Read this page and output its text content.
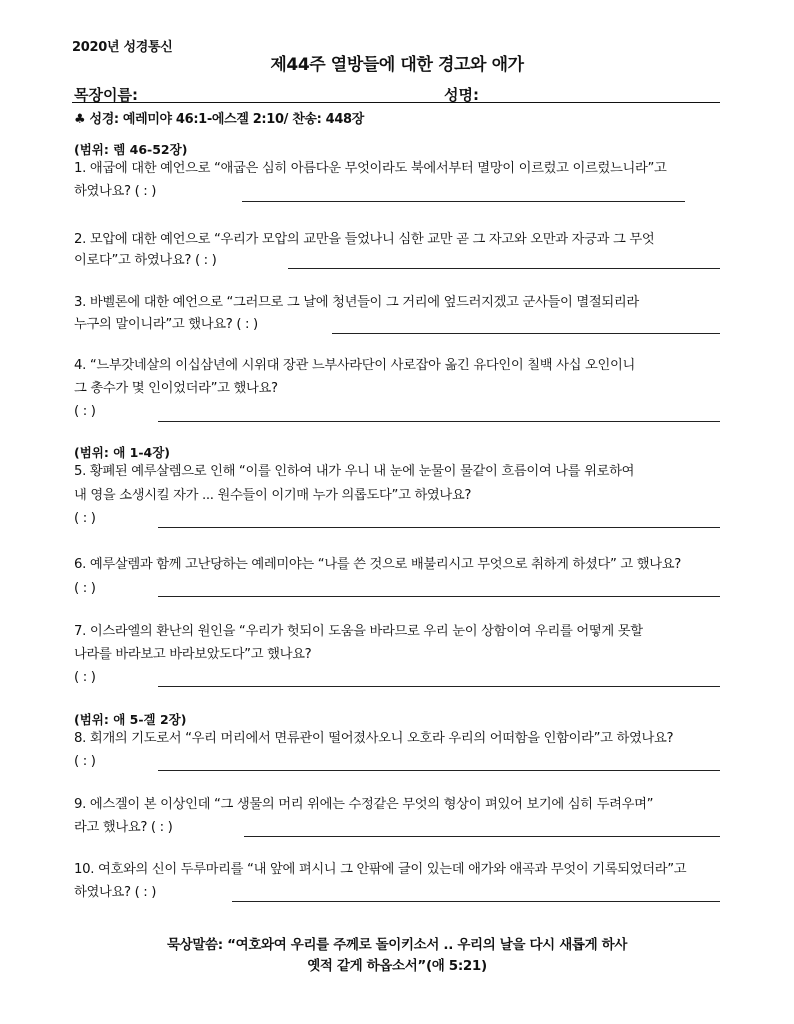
2020년 성경통신
제44주 열방들에 대한 경고와 애가
목장이름:	성명:
♣ 성경: 예레미야 46:1-에스겔 2:10/ 찬송: 448장
(범위: 렘 46-52장)
1. 애굽에 대한 예언으로 “애굽은 심히 아름다운 무엇이라도 북에서부터 멸망이 이르렀고 이르렀느니라”고
하였나요? ( : )
2. 모압에 대한 예언으로 “우리가 모압의 교만을 들었나니 심한 교만 곧 그 자고와 오만과 자긍과 그 무엇
이로다”고 하였나요? ( : )
3. 바벨론에 대한 예언으로 “그러므로 그 날에 청년들이 그 거리에 엎드러지겠고 군사들이 멸절되리라
누구의 말이니라”고 했나요? ( : )
4. “느부갓네살의 이십삼년에 시위대 장관 느부사라단이 사로잡아 옮긴 유다인이 칠백 사십 오인이니
그 총수가 몇 인이었더라”고 했나요?
( : )
(범위: 애 1-4장)
5. 황폐된 예루살렘으로 인해 “이를 인하여 내가 우니 내 눈에 눈물이 물같이 흐름이여 나를 위로하여
내 영을 소생시킬 자가 ... 원수들이 이기매 누가 의롭도다”고 하였나요?
( : )
6. 예루살렘과 함께 고난당하는 예레미야는 “나를 쓴 것으로 배불리시고 무엇으로 취하게 하셨다” 고 했나요?
( : )
7. 이스라엘의 환난의 원인을 “우리가 헛되이 도움을 바라므로 우리 눈이 상함이여 우리를 어떻게 못할
나라를 바라보고 바라보았도다”고 했나요?
( : )
(범위: 애 5-겔 2장)
8. 회개의 기도로서 “우리 머리에서 면류관이 떨어졌사오니 오호라 우리의 어떠함을 인함이라”고 하였나요?
( : )
9. 에스겔이 본 이상인데 “그 생물의 머리 위에는 수정같은 무엇의 형상이 펴있어 보기에 심히 두려우며”
라고 했나요? ( : )
10. 여호와의 신이 두루마리를 “내 앞에 펴시니 그 안팎에 글이 있는데 애가와 애곡과 무엇이 기록되었더라”고
하였나요? ( : )
묵상말씀: “여호와여 우리를 주께로 돌이키소서 .. 우리의 날을 다시 새롭게 하사
옛적 같게 하옵소서”(애 5:21)
